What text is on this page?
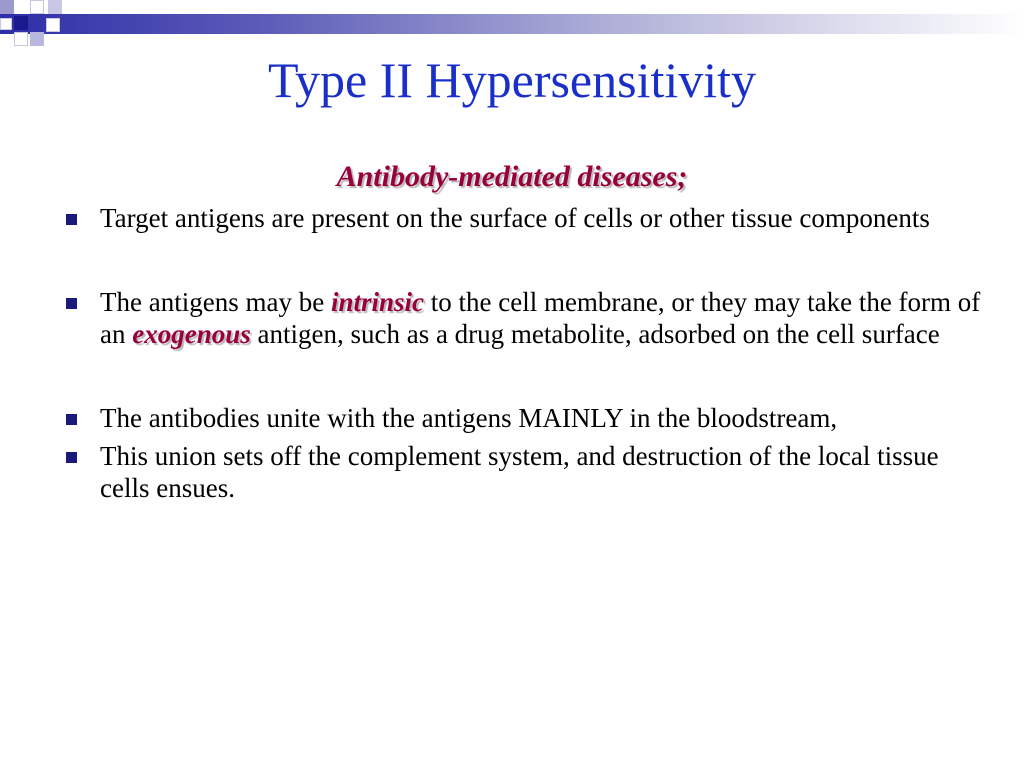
Type II Hypersensitivity
Antibody-mediated diseases;
Target antigens are present on the surface of cells or other tissue components
The antigens may be intrinsic to the cell membrane, or they may take the form of an exogenous antigen, such as a drug metabolite, adsorbed on the cell surface
The antibodies unite with the antigens MAINLY in the bloodstream,
This union sets off the complement system, and destruction of the local tissue cells ensues.
